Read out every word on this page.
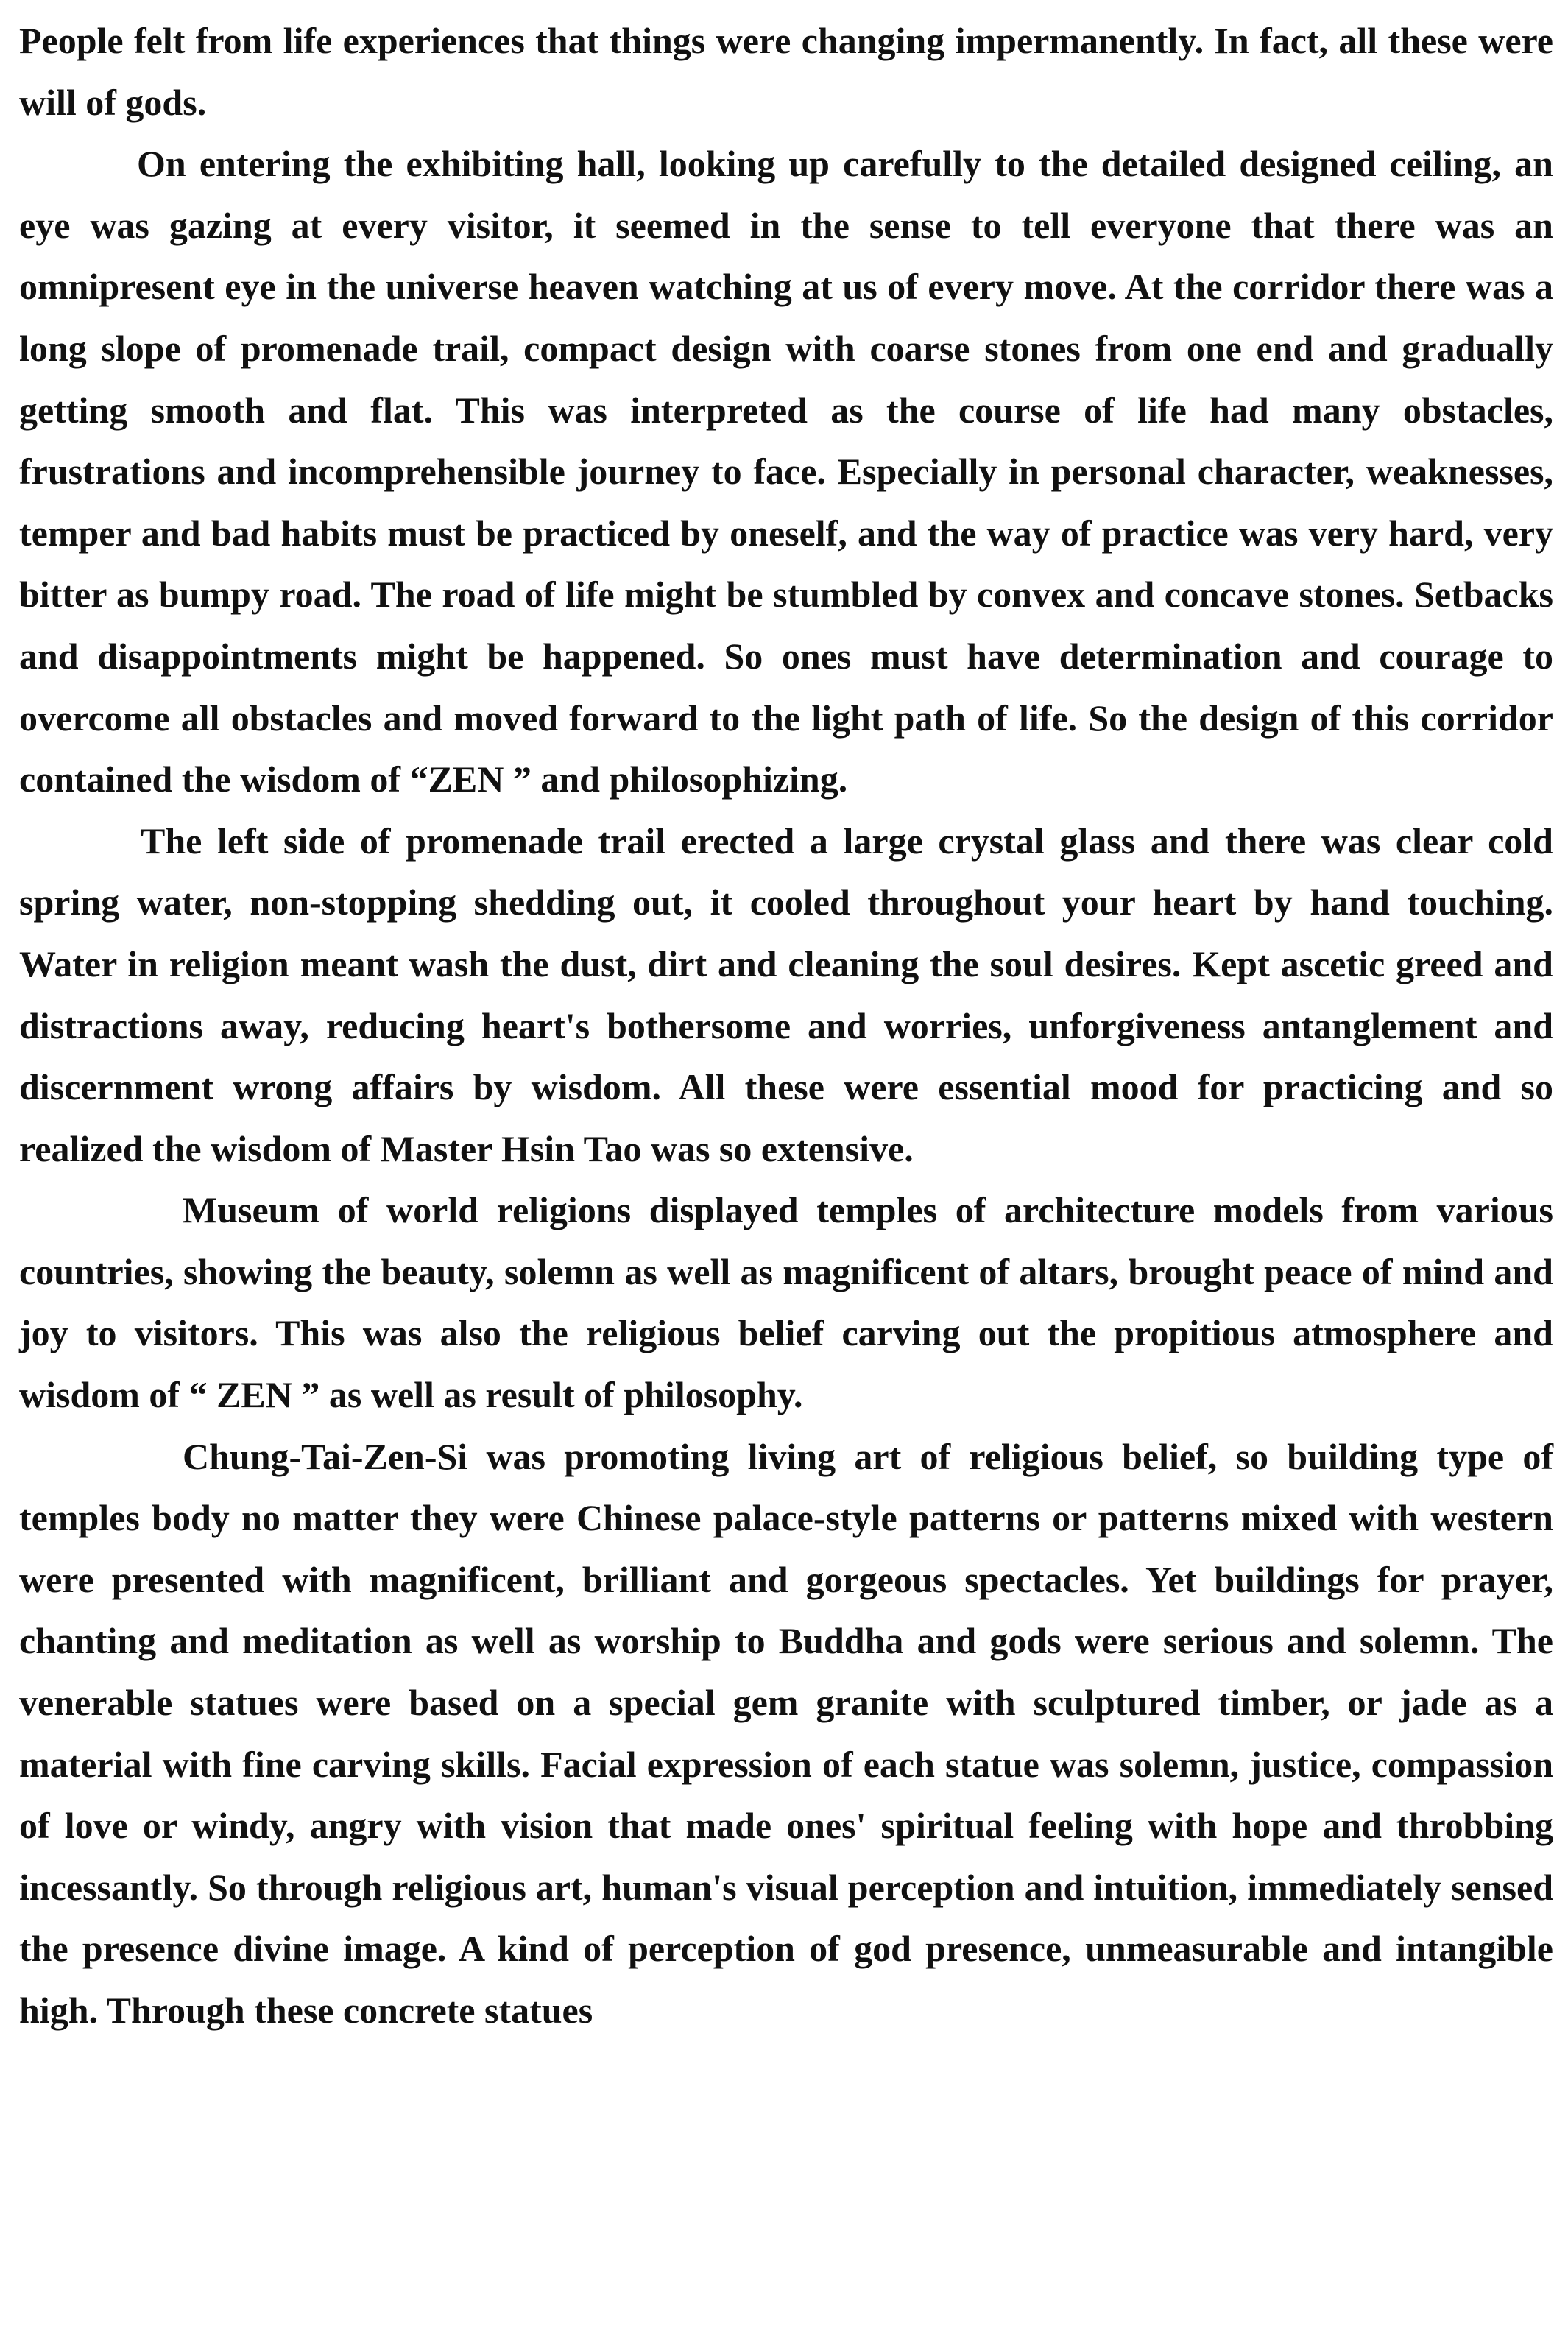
People felt from life experiences that things were changing impermanently. In fact, all these were will of gods.

On entering the exhibiting hall, looking up carefully to the detailed designed ceiling, an eye was gazing at every visitor, it seemed in the sense to tell everyone that there was an omnipresent eye in the universe heaven watching at us of every move. At the corridor there was a long slope of promenade trail, compact design with coarse stones from one end and gradually getting smooth and flat. This was interpreted as the course of life had many obstacles, frustrations and incomprehensible journey to face. Especially in personal character, weaknesses, temper and bad habits must be practiced by oneself, and the way of practice was very hard, very bitter as bumpy road. The road of life might be stumbled by convex and concave stones. Setbacks and disappointments might be happened. So ones must have determination and courage to overcome all obstacles and moved forward to the light path of life. So the design of this corridor contained the wisdom of “ZEN ” and philosophizing.

The left side of promenade trail erected a large crystal glass and there was clear cold spring water, non-stopping shedding out, it cooled throughout your heart by hand touching. Water in religion meant wash the dust, dirt and cleaning the soul desires. Kept ascetic greed and distractions away, reducing heart's bothersome and worries, unforgiveness antanglement and discernment wrong affairs by wisdom. All these were essential mood for practicing and so realized the wisdom of Master Hsin Tao was so extensive.

Museum of world religions displayed temples of architecture models from various countries, showing the beauty, solemn as well as magnificent of altars, brought peace of mind and joy to visitors. This was also the religious belief carving out the propitious atmosphere and wisdom of “ ZEN ” as well as result of philosophy.

Chung-Tai-Zen-Si was promoting living art of religious belief, so building type of temples body no matter they were Chinese palace-style patterns or patterns mixed with western were presented with magnificent, brilliant and gorgeous spectacles. Yet buildings for prayer, chanting and meditation as well as worship to Buddha and gods were serious and solemn. The venerable statues were based on a special gem granite with sculptured timber, or jade as a material with fine carving skills. Facial expression of each statue was solemn, justice, compassion of love or windy, angry with vision that made ones' spiritual feeling with hope and throbbing incessantly. So through religious art, human's visual perception and intuition, immediately sensed the presence divine image. A kind of perception of god presence, unmeasurable and intangible high. Through these concrete statues
